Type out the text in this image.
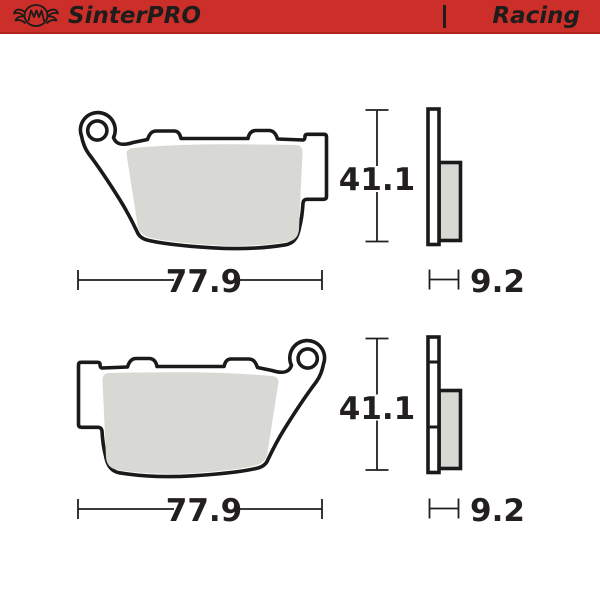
SinterPRO	Racing
41.1
77.9	9.2
41.1
77.9	9.2
